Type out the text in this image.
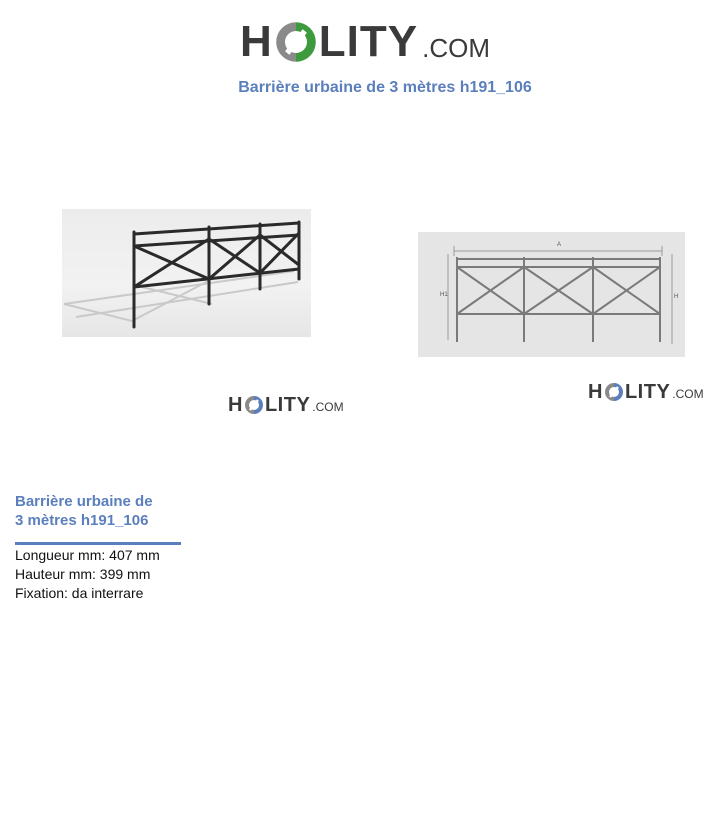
H LITY .COM
Barrière urbaine de 3 mètres h191_106
A
H1	H
H LITY .COM
H LITY .COM
Barrière urbaine de
3 mètres h191_106
Longueur mm: 407 mm
Hauteur mm: 399 mm
Fixation: da interrare
